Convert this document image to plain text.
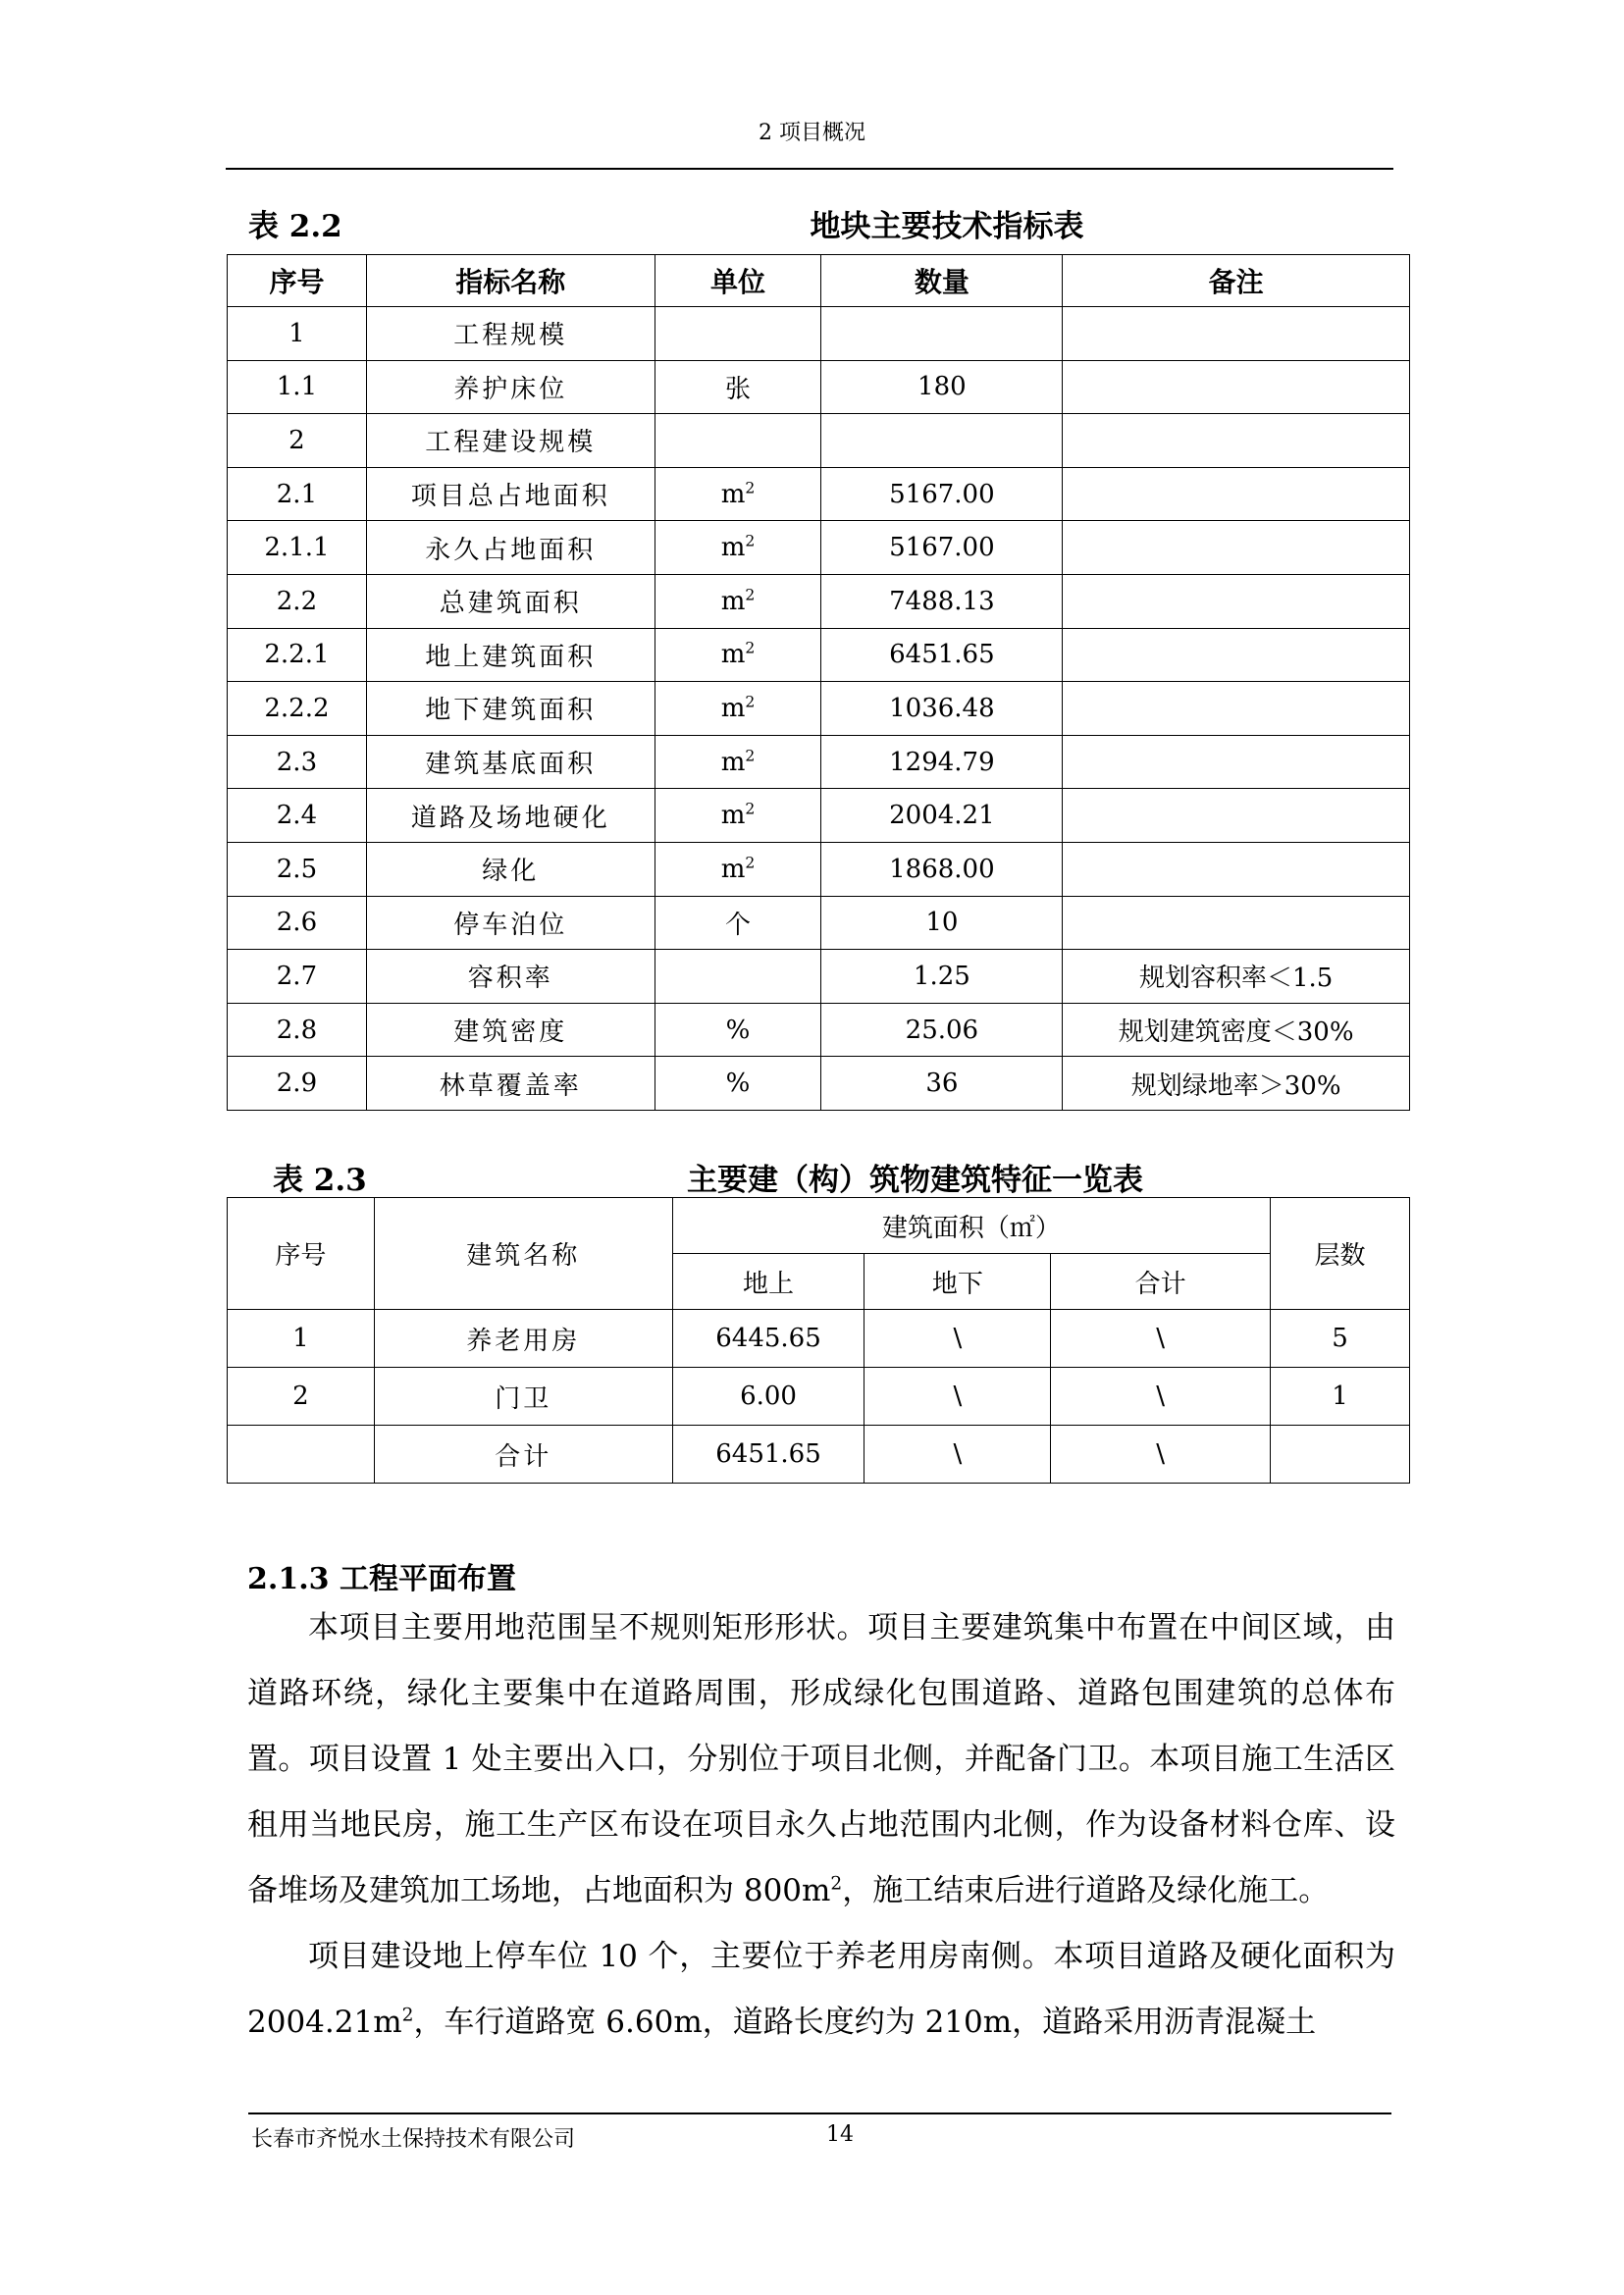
2 项目概况
表 2.2	地块主要技术指标表
序号	指标名称	单位	数量	备注
1	工程规模			
1.1	养护床位	张	180	
2	工程建设规模			
2.1	项目总占地面积	$m^2$	5167.00	
2.1.1	永久占地面积	$m^2$	5167.00	
2.2	总建筑面积	$m^2$	7488.13	
2.2.1	地上建筑面积	$m^2$	6451.65	
2.2.2	地下建筑面积	$m^2$	1036.48	
2.3	建筑基底面积	$m^2$	1294.79	
2.4	道路及场地硬化	$m^2$	2004.21	
2.5	绿化	$m^2$	1868.00	
2.6	停车泊位	个	10	
2.7	容积率		1.25	规划容积率＜1.5
2.8	建筑密度	%	25.06	规划建筑密度＜30%
2.9	林草覆盖率	%	36	规划绿地率＞30%
表 2.3	主要建（构）筑物建筑特征一览表
序号	建筑名称	建筑面积（㎡）			层数
		地上	地下	合计	
1	养老用房	6445.65	\	\	5
2	门卫	6.00	\	\	1
	合计	6451.65	\	\	
2.1.3 工程平面布置

本项目主要用地范围呈不规则矩形形状。项目主要建筑集中布置在中间区域，由道路环绕，绿化主要集中在道路周围，形成绿化包围道路、道路包围建筑的总体布置。项目设置 1 处主要出入口，分别位于项目北侧，并配备门卫。本项目施工生活区租用当地民房，施工生产区布设在项目永久占地范围内北侧，作为设备材料仓库、设备堆场及建筑加工场地，占地面积为 $800m^2$，施工结束后进行道路及绿化施工。

项目建设地上停车位 10 个，主要位于养老用房南侧。本项目道路及硬化面积为 $2004.21m^2$，车行道路宽 6.60m，道路长度约为 210m，道路采用沥青混凝土

长春市齐悦水土保持技术有限公司	14
